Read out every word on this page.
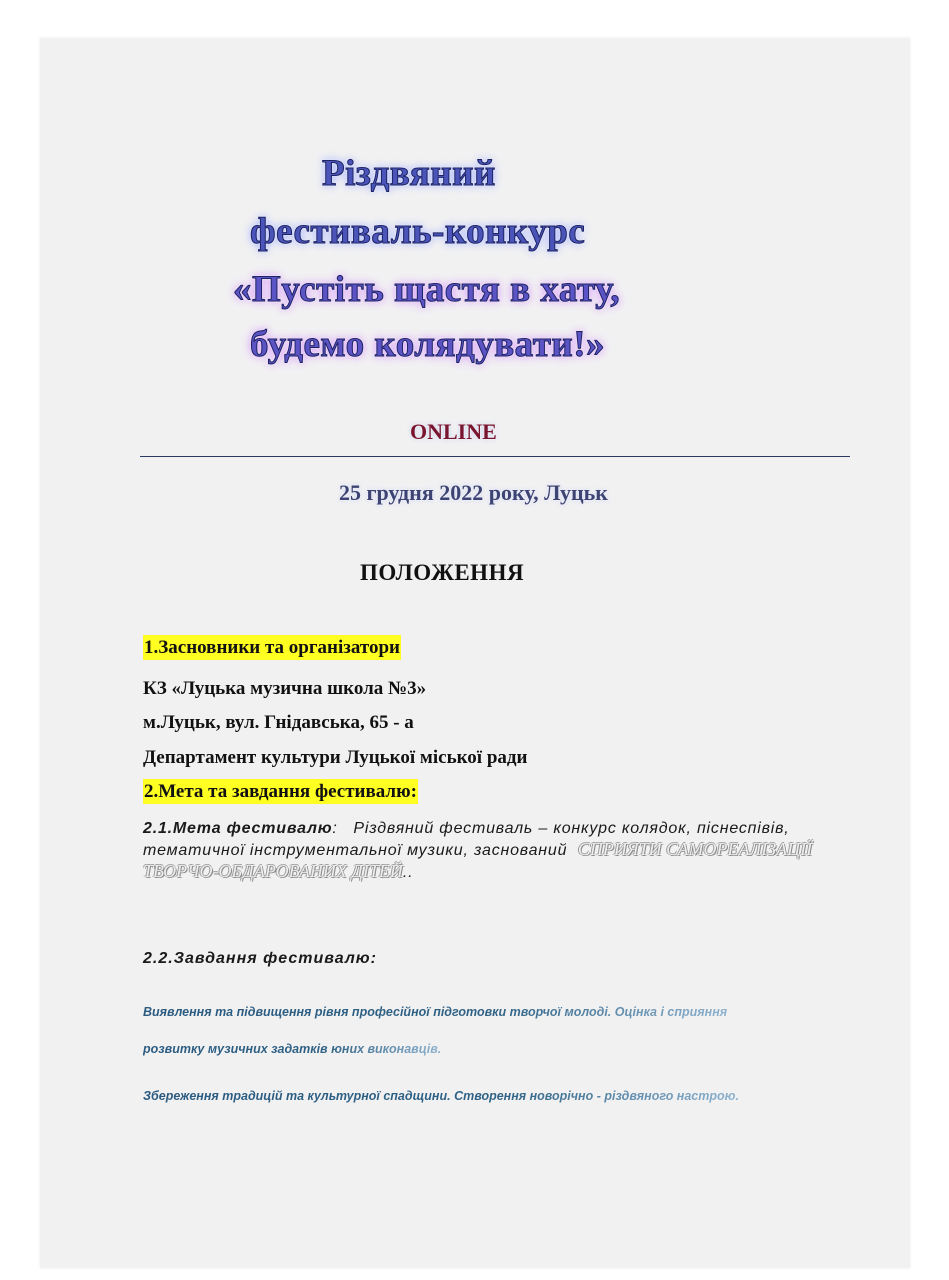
Різдвяний
фестиваль-конкурс
«Пустіть щастя в хату,
будемо колядувати!»
ONLINE
25 грудня 2022 року, Луцьк
ПОЛОЖЕННЯ
1.Засновники та організатори
КЗ «Луцька музична школа №3»
м.Луцьк, вул. Гнідавська, 65 - а
Департамент культури Луцької міської ради
2.Мета та завдання фестивалю:
2.1.Мета фестивалю: Різдвяний фестиваль – конкурс колядок, піснеспівів, тематичної інструментальної музики, заснований СПРИЯТИ САМОРЕАЛІЗАЦІЇ ТВОРЧО-ОБДАРОВАНИХ ДІТЕЙ..
2.2.Завдання фестивалю:
Виявлення та підвищення рівня професійної підготовки творчої молоді. Оцінка і сприяння
розвитку музичних задатків юних виконавців.
Збереження традицій та культурної спадщини. Створення новорічно - різдвяного настрою.
